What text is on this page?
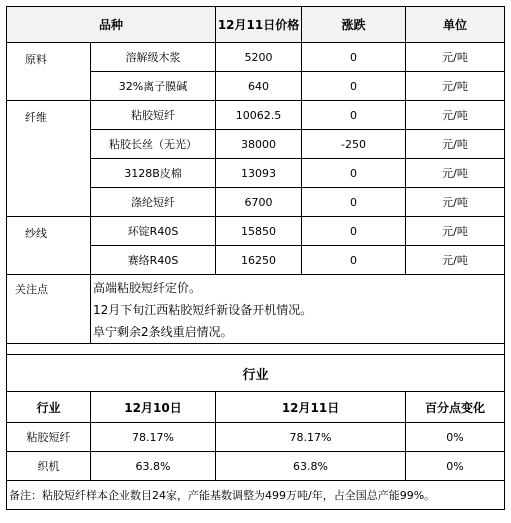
品种		12月11日价格	涨跌	单位
原料	溶解级木浆	5200	0	元/吨
	32%离子膜碱	640	0	元/吨
纤维	粘胶短纤	10062.5	0	元/吨
	粘胶长丝（无光）	38000	-250	元/吨
	3128B皮棉	13093	0	元/吨
	涤纶短纤	6700	0	元/吨
纱线	环锭R40S	15850	0	元/吨
	赛络R40S	16250	0	元/吨
关注点	高端粘胶短纤定价。
12月下旬江西粘胶短纤新设备开机情况。
阜宁剩余2条线重启情况。			

行业				
行业	12月10日	12月11日		百分点变化
粘胶短纤	78.17%	78.17%		0%
织机	63.8%	63.8%		0%
备注：粘胶短纤样本企业数目24家，产能基数调整为499万吨/年，占全国总产能99%。				
